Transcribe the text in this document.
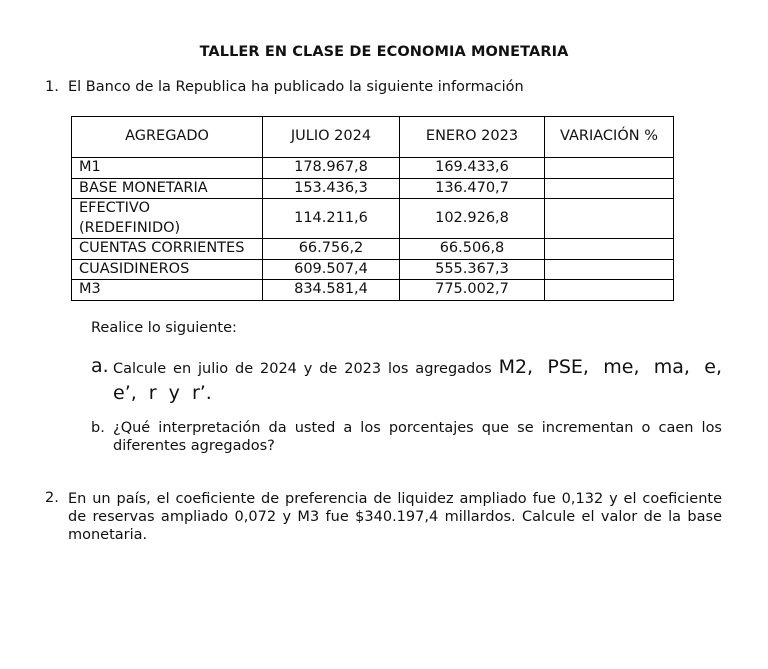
TALLER EN CLASE DE ECONOMIA MONETARIA
1. El Banco de la Republica ha publicado la siguiente información
AGREGADO	JULIO 2024	ENERO 2023	VARIACIÓN %
M1	178.967,8	169.433,6	
BASE MONETARIA	153.436,3	136.470,7	
EFECTIVO (REDEFINIDO)	114.211,6	102.926,8	
CUENTAS CORRIENTES	66.756,2	66.506,8	
CUASIDINEROS	609.507,4	555.367,3	
M3	834.581,4	775.002,7	
Realice lo siguiente:
a. Calcule en julio de 2024 y de 2023 los agregados M2, PSE, me, ma, e, e’, r y r’.
b. ¿Qué interpretación da usted a los porcentajes que se incrementan o caen los diferentes agregados?
2. En un país, el coeficiente de preferencia de liquidez ampliado fue 0,132 y el coeficiente de reservas ampliado 0,072 y M3 fue $340.197,4 millardos. Calcule el valor de la base monetaria.
